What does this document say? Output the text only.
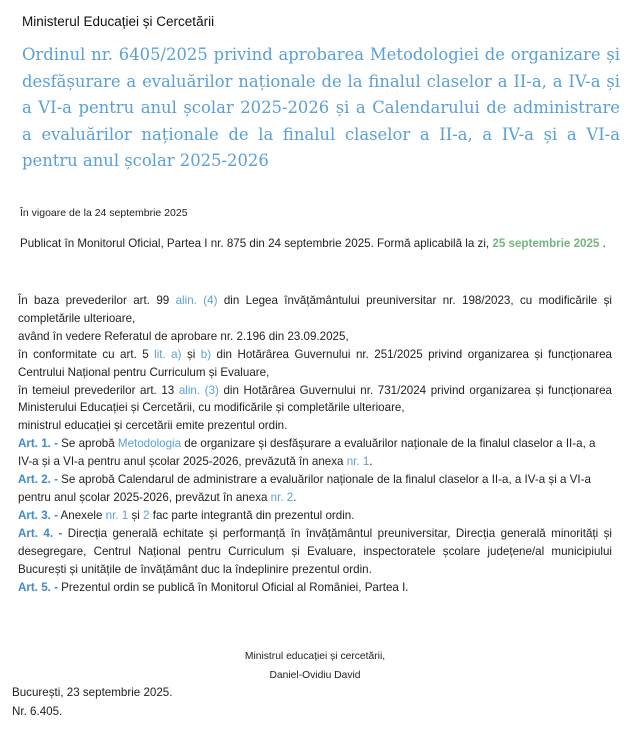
Ministerul Educației și Cercetării
Ordinul nr. 6405/2025 privind aprobarea Metodologiei de organizare și desfășurare a evaluărilor naționale de la finalul claselor a II-a, a IV-a și a VI-a pentru anul școlar 2025-2026 și a Calendarului de administrare a evaluărilor naționale de la finalul claselor a II-a, a IV-a și a VI-a pentru anul școlar 2025-2026
În vigoare de la 24 septembrie 2025
Publicat în Monitorul Oficial, Partea I nr. 875 din 24 septembrie 2025. Formă aplicabilă la zi, 25 septembrie 2025 .
În baza prevederilor art. 99 alin. (4) din Legea învățământului preuniversitar nr. 198/2023, cu modificările și completările ulterioare,
având în vedere Referatul de aprobare nr. 2.196 din 23.09.2025,
în conformitate cu art. 5 lit. a) și b) din Hotărârea Guvernului nr. 251/2025 privind organizarea și funcționarea Centrului Național pentru Curriculum și Evaluare,
în temeiul prevederilor art. 13 alin. (3) din Hotărârea Guvernului nr. 731/2024 privind organizarea și funcționarea Ministerului Educației și Cercetării, cu modificările și completările ulterioare,
ministrul educației și cercetării emite prezentul ordin.
Art. 1. - Se aprobă Metodologia de organizare și desfășurare a evaluărilor naționale de la finalul claselor a II-a, a IV-a și a VI-a pentru anul școlar 2025-2026, prevăzută în anexa nr. 1.
Art. 2. - Se aprobă Calendarul de administrare a evaluărilor naționale de la finalul claselor a II-a, a IV-a și a VI-a pentru anul școlar 2025-2026, prevăzut în anexa nr. 2.
Art. 3. - Anexele nr. 1 și 2 fac parte integrantă din prezentul ordin.
Art. 4. - Direcția generală echitate și performanță în învățământul preuniversitar, Direcția generală minorități și desegregare, Centrul Național pentru Curriculum și Evaluare, inspectoratele școlare județene/al municipiului București și unitățile de învățământ duc la îndeplinire prezentul ordin.
Art. 5. - Prezentul ordin se publică în Monitorul Oficial al României, Partea I.
Ministrul educației și cercetării,
Daniel-Ovidiu David
București, 23 septembrie 2025.
Nr. 6.405.
